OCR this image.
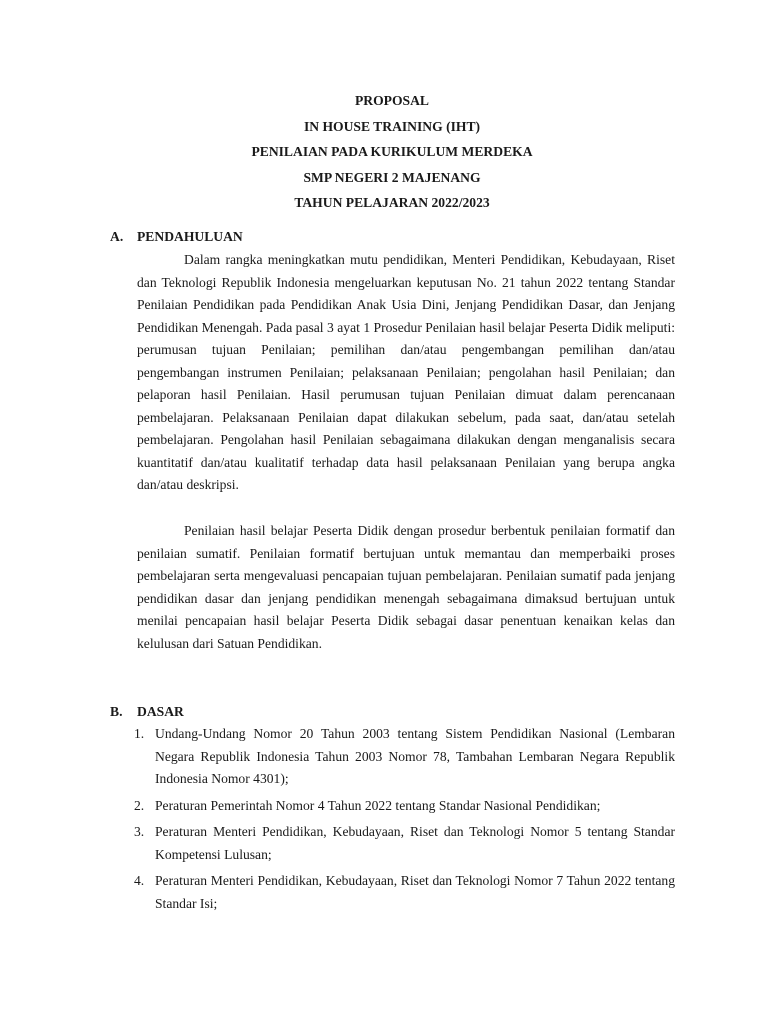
PROPOSAL
IN HOUSE TRAINING (IHT)
PENILAIAN PADA KURIKULUM MERDEKA
SMP NEGERI 2 MAJENANG
TAHUN PELAJARAN 2022/2023
A. PENDAHULUAN

Dalam rangka meningkatkan mutu pendidikan, Menteri Pendidikan, Kebudayaan, Riset dan Teknologi Republik Indonesia mengeluarkan keputusan No. 21 tahun 2022 tentang Standar Penilaian Pendidikan pada Pendidikan Anak Usia Dini, Jenjang Pendidikan Dasar, dan Jenjang Pendidikan Menengah. Pada pasal 3 ayat 1 Prosedur Penilaian hasil belajar Peserta Didik meliputi: perumusan tujuan Penilaian; pemilihan dan/atau pengembangan pemilihan dan/atau pengembangan instrumen Penilaian; pelaksanaan Penilaian; pengolahan hasil Penilaian; dan pelaporan hasil Penilaian. Hasil perumusan tujuan Penilaian dimuat dalam perencanaan pembelajaran. Pelaksanaan Penilaian dapat dilakukan sebelum, pada saat, dan/atau setelah pembelajaran. Pengolahan hasil Penilaian sebagaimana dilakukan dengan menganalisis secara kuantitatif dan/atau kualitatif terhadap data hasil pelaksanaan Penilaian yang berupa angka dan/atau deskripsi.

Penilaian hasil belajar Peserta Didik dengan prosedur berbentuk penilaian formatif dan penilaian sumatif. Penilaian formatif bertujuan untuk memantau dan memperbaiki proses pembelajaran serta mengevaluasi pencapaian tujuan pembelajaran. Penilaian sumatif pada jenjang pendidikan dasar dan jenjang pendidikan menengah sebagaimana dimaksud bertujuan untuk menilai pencapaian hasil belajar Peserta Didik sebagai dasar penentuan kenaikan kelas dan kelulusan dari Satuan Pendidikan.

B. DASAR
1. Undang-Undang Nomor 20 Tahun 2003 tentang Sistem Pendidikan Nasional (Lembaran Negara Republik Indonesia Tahun 2003 Nomor 78, Tambahan Lembaran Negara Republik Indonesia Nomor 4301);
2. Peraturan Pemerintah Nomor 4 Tahun 2022 tentang Standar Nasional Pendidikan;
3. Peraturan Menteri Pendidikan, Kebudayaan, Riset dan Teknologi Nomor 5 tentang Standar Kompetensi Lulusan;
4. Peraturan Menteri Pendidikan, Kebudayaan, Riset dan Teknologi Nomor 7 Tahun 2022 tentang Standar Isi;
